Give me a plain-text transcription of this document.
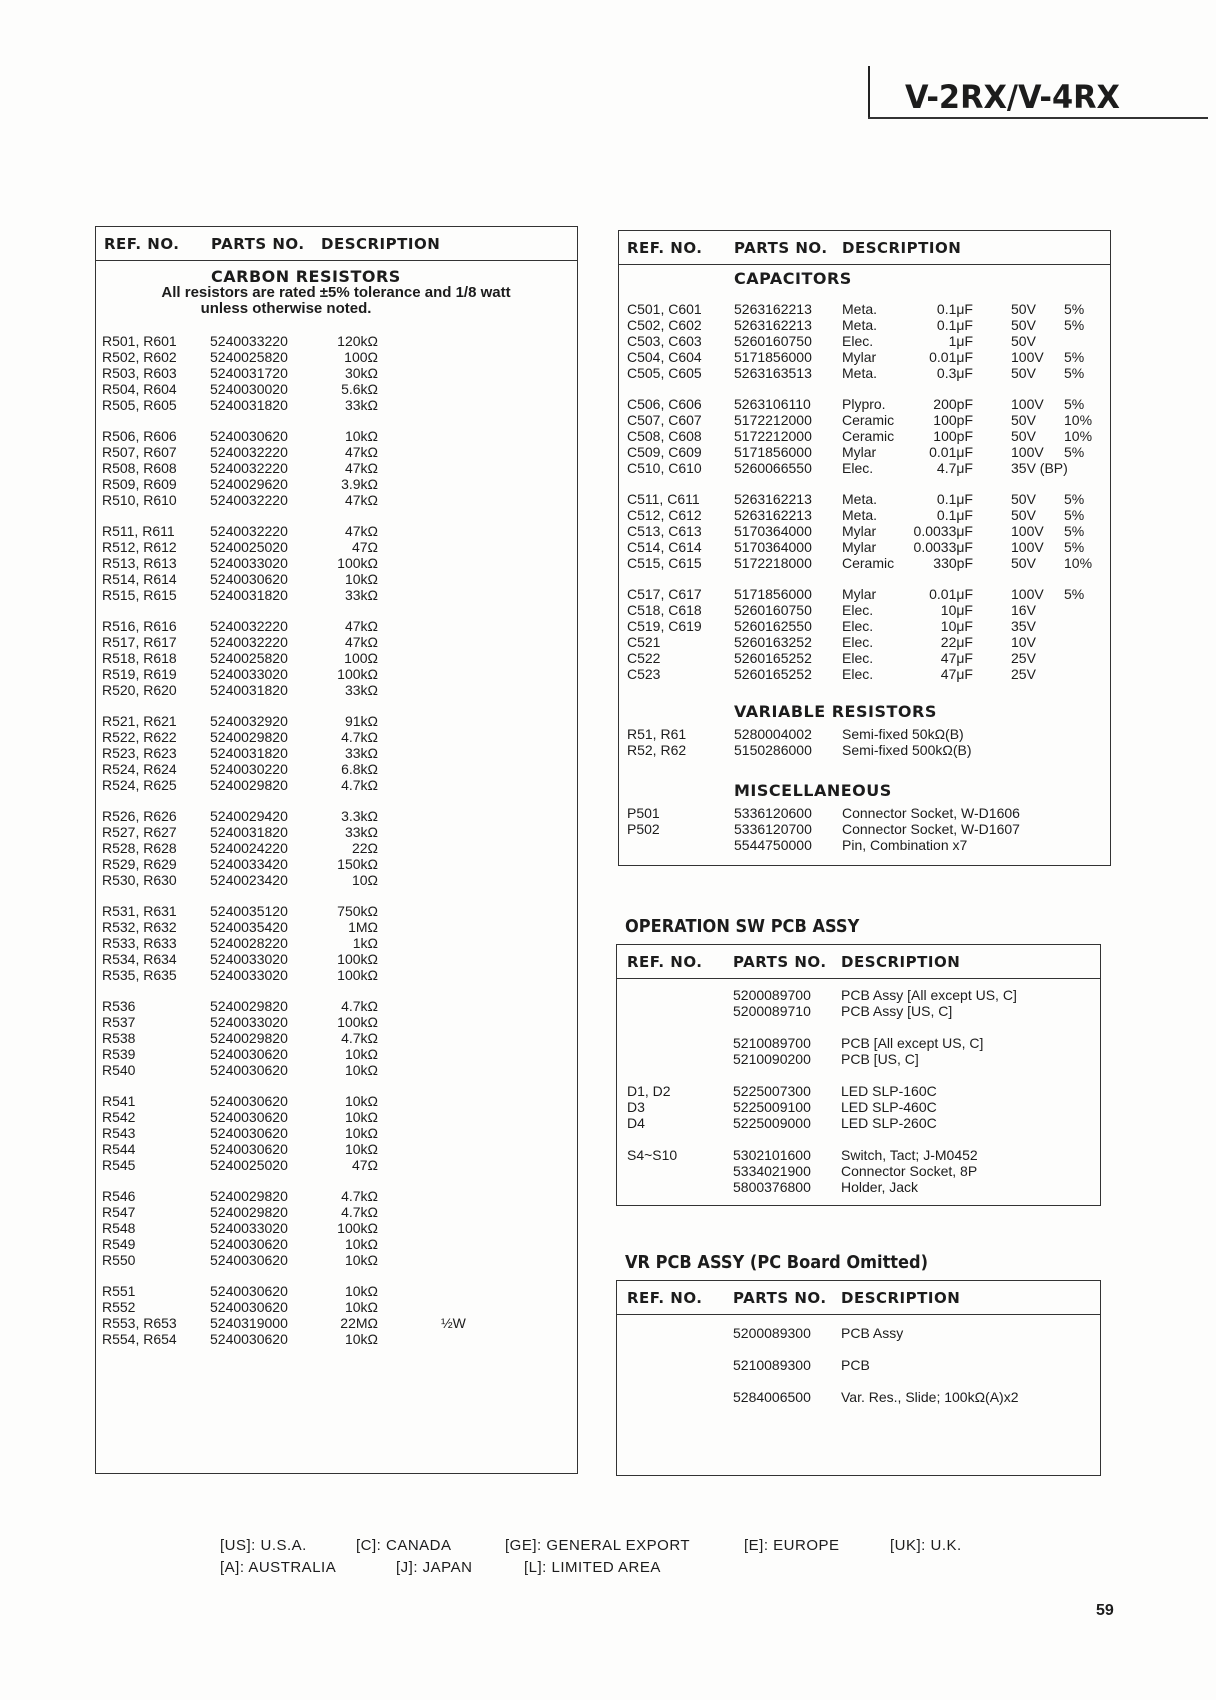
V-2RX/V-4RX
REF. NO. PARTS NO. DESCRIPTION
CARBON RESISTORS
All resistors are rated ±5% tolerance and 1/8 watt
unless otherwise noted.
R501, R601 5240033220	120kΩ
R502, R602 5240025820	100Ω
R503, R603 5240031720	30kΩ
R504, R604 5240030020	5.6kΩ
R505, R605 5240031820	33kΩ
R506, R606 5240030620	10kΩ
R507, R607 5240032220	47kΩ
R508, R608 5240032220	47kΩ
R509, R609 5240029620	3.9kΩ
R510, R610 5240032220	47kΩ
R511, R611	5240032220	47kΩ
R512, R612 5240025020	47Ω
R513, R613 5240033020	100kΩ
R514, R614 5240030620	10kΩ
R515, R615 5240031820	33kΩ
R516, R616 5240032220	47kΩ
R517, R617 5240032220	47kΩ
R518, R618 5240025820	100Ω
R519, R619 5240033020	100kΩ
R520, R620 5240031820	33kΩ
R521, R621 5240032920	91kΩ
R522, R622 5240029820	4.7kΩ
R523, R623 5240031820	33kΩ
R524, R624 5240030220	6.8kΩ
R524, R625 5240029820	4.7kΩ
R526, R626 5240029420	3.3kΩ
R527, R627 5240031820	33kΩ
R528, R628 5240024220	22Ω
R529, R629 5240033420	150kΩ
R530, R630 5240023420	10Ω
R531, R631 5240035120	750kΩ
R532, R632 5240035420	1MΩ
R533, R633 5240028220	1kΩ
R534, R634 5240033020	100kΩ
R535, R635 5240033020	100kΩ
R536	5240029820	4.7kΩ
R537	5240033020	100kΩ
R538	5240029820	4.7kΩ
R539	5240030620	10kΩ
R540	5240030620	10kΩ
R541	5240030620	10kΩ
R542	5240030620	10kΩ
R543	5240030620	10kΩ
R544	5240030620	10kΩ
R545	5240025020	47Ω
R546	5240029820	4.7kΩ
R547	5240029820	4.7kΩ
R548	5240033020	100kΩ
R549	5240030620	10kΩ
R550	5240030620	10kΩ
R551	5240030620	10kΩ
R552	5240030620	10kΩ
R553, R653 5240319000	22MΩ	½W
R554, R654 5240030620	10kΩ
REF. NO. PARTS NO. DESCRIPTION
CAPACITORS
VARIABLE RESISTORS
MISCELLANEOUS
C501, C601 5263162213 Meta.	0.1μF	50V 5%
C502, C602 5263162213 Meta.	0.1μF	50V 5%
C503, C603 5260160750 Elec.	1μF	50V
C504, C604 5171856000 Mylar	0.01μF	100V 5%
C505, C605 5263163513 Meta.	0.3μF	50V 5%
C506, C606 5263106110 Plypro.	200pF	100V 5%
C507, C607 5172212000 Ceramic	100pF	50V 10%
C508, C608 5172212000 Ceramic	100pF	50V 10%
C509, C609 5171856000 Mylar	0.01μF	100V 5%
C510, C610 5260066550 Elec.	4.7μF	35V (BP)
C511, C611 5263162213 Meta.	0.1μF	50V 5%
C512, C612 5263162213 Meta.	0.1μF	50V 5%
C513, C613 5170364000 Mylar	0.0033μF	100V 5%
C514, C614 5170364000 Mylar	0.0033μF	100V 5%
C515, C615 5172218000 Ceramic	330pF	50V 10%
C517, C617 5171856000 Mylar	0.01μF	100V 5%
C518, C618 5260160750 Elec.	10μF	16V
C519, C619 5260162550 Elec.	10μF	35V
C521	5260163252 Elec.	22μF	10V
C522	5260165252 Elec.	47μF	25V
C523	5260165252 Elec.	47μF	25V
R51, R61	5280004002 Semi-fixed 50kΩ(B)
R52, R62	5150286000 Semi-fixed 500kΩ(B)
P501	5336120600 Connector Socket, W-D1606
P502	5336120700 Connector Socket, W-D1607
5544750000 Pin, Combination x7
OPERATION SW PCB ASSY
REF. NO. PARTS NO. DESCRIPTION
5200089700 PCB Assy [All except US, C]
5200089710 PCB Assy [US, C]
5210089700 PCB [All except US, C]
5210090200 PCB [US, C]
D1, D2	5225007300 LED SLP-160C
D3	5225009100 LED SLP-460C
D4	5225009000 LED SLP-260C
S4~S10	5302101600 Switch, Tact; J-M0452
5334021900 Connector Socket, 8P
5800376800 Holder, Jack
VR PCB ASSY (PC Board Omitted)
REF. NO. PARTS NO. DESCRIPTION
5200089300 PCB Assy
5210089300 PCB
5284006500 Var. Res., Slide; 100kΩ(A)x2
[US]: U.S.A.	[C]: CANADA	[GE]: GENERAL EXPORT	[E]: EUROPE	[UK]: U.K.
[A]: AUSTRALIA	[J]: JAPAN	[L]: LIMITED AREA
59
